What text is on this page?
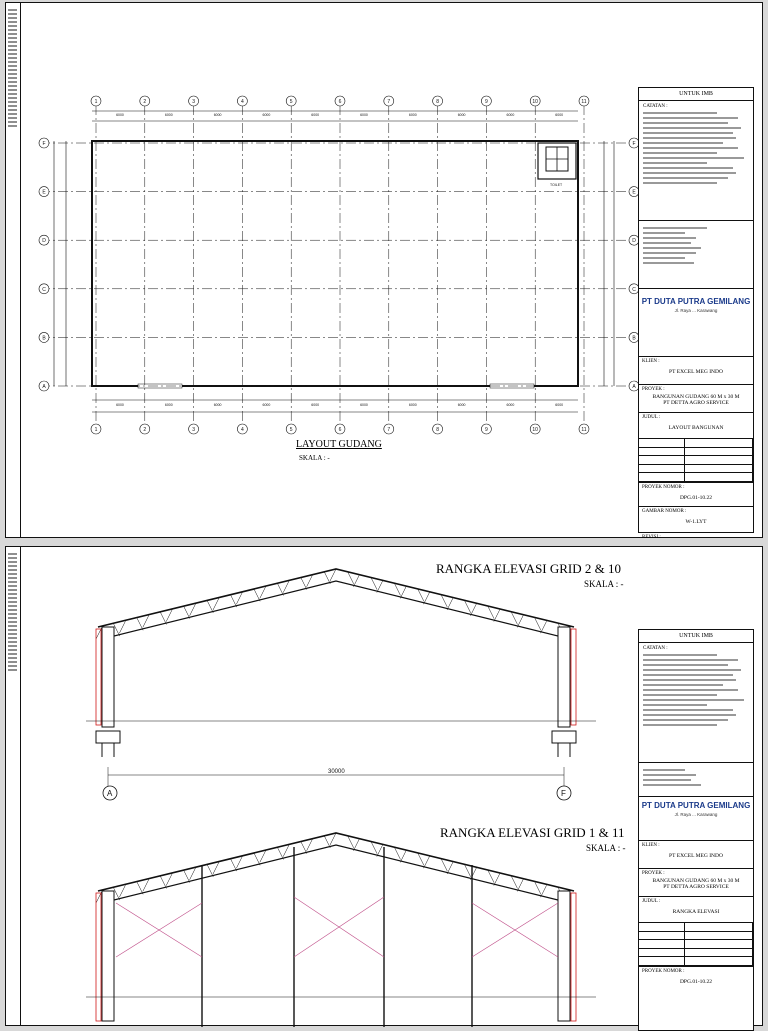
TOILET
1
1
6000
6000
2
2
6000
6000
3
3
6000
6000
4
4
6000
6000
5
5
6000
6000
6
6
6000
6000
7
7
6000
6000
8
8
6000
6000
9
9
6000
6000
10
10
6000
6000
11
11
F	F
E	E
D	D
C	C
B	B
A	A
LAYOUT GUDANG
SKALA : -
UNTUK IMB
CATATAN :
PT DUTA PUTRA GEMILANG
Jl. Raya ... Karawang
KLIEN :
PT EXCEL MEG INDO
PROYEK :
BANGUNAN GUDANG 60 M x 30 M
PT DETTA AGRO SERVICE
JUDUL :
LAYOUT BANGUNAN
PROYEK NOMOR :
DPG.01-10.22
GAMBAR NOMOR :
W-1.LYT
REVISI :
30000
A	F
RANGKA ELEVASI GRID 2 & 10
SKALA : -
RANGKA ELEVASI GRID 1 & 11
SKALA : -
UNTUK IMB
CATATAN :
PT DUTA PUTRA GEMILANG
Jl. Raya ... Karawang
KLIEN :
PT EXCEL MEG INDO
PROYEK :
BANGUNAN GUDANG 60 M x 30 M
PT DETTA AGRO SERVICE
JUDUL :
RANGKA ELEVASI
PROYEK NOMOR :
DPG.01-10.22
